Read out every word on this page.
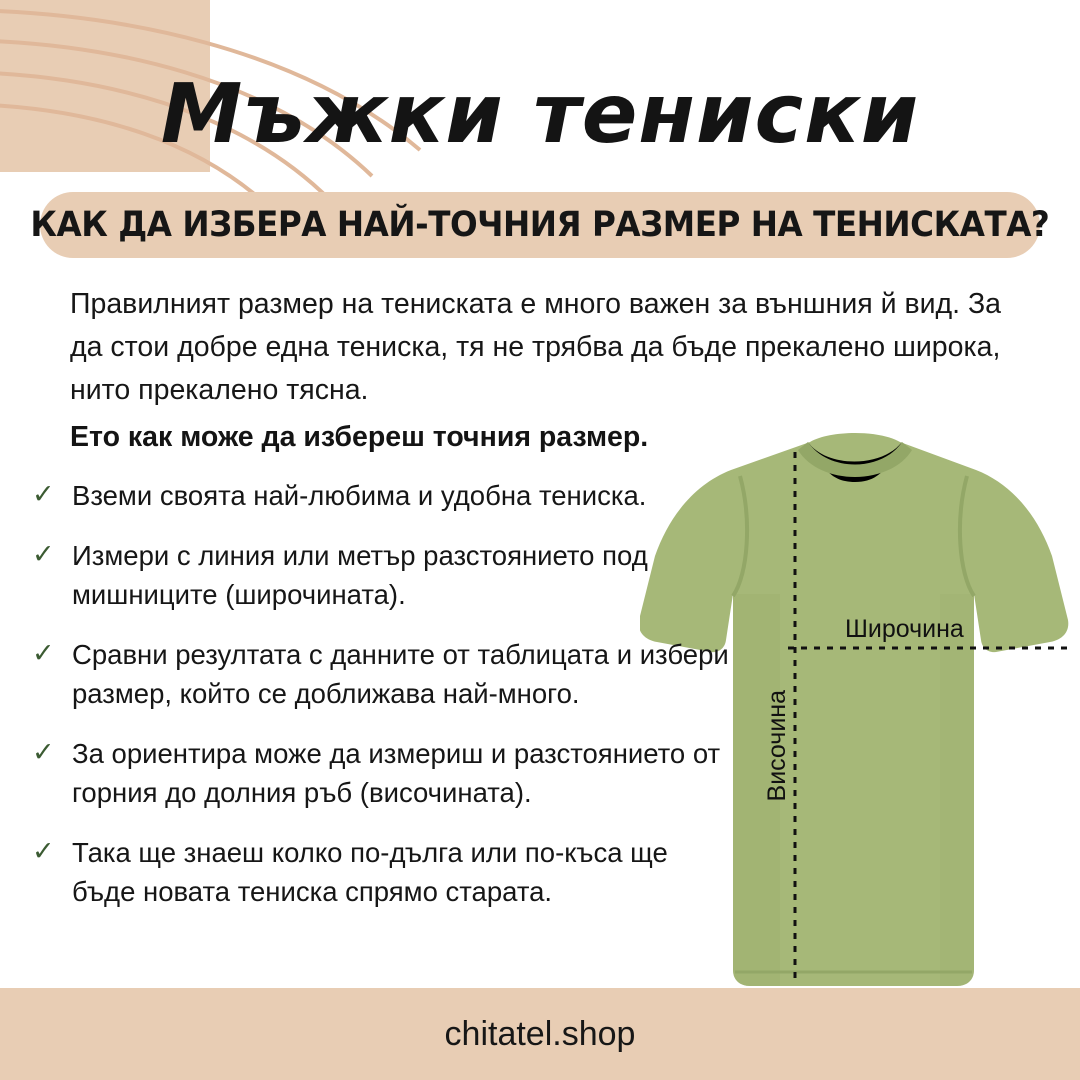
Мъжки тениски
КАК ДА ИЗБЕРА НАЙ-ТОЧНИЯ РАЗМЕР НА ТЕНИСКАТА?
Правилният размер на тениската е много важен за външния й вид. За да стои добре една тениска, тя не трябва да бъде прекалено широка, нито прекалено тясна.
Ето как може да избереш точния размер.
✓ Вземи своята най-любима и удобна тениска.
✓ Измери с линия или метър разстоянието под мишниците (широчината).
✓ Сравни резултата с данните от таблицата и избери размер, който се доближава най-много.
✓ За ориентира може да измериш и разстоянието от горния до долния ръб (височината).
✓ Така ще знаеш колко по-дълга или по-къса ще бъде новата тениска спрямо старата.
Широчина
Височина
chitatel.shop
